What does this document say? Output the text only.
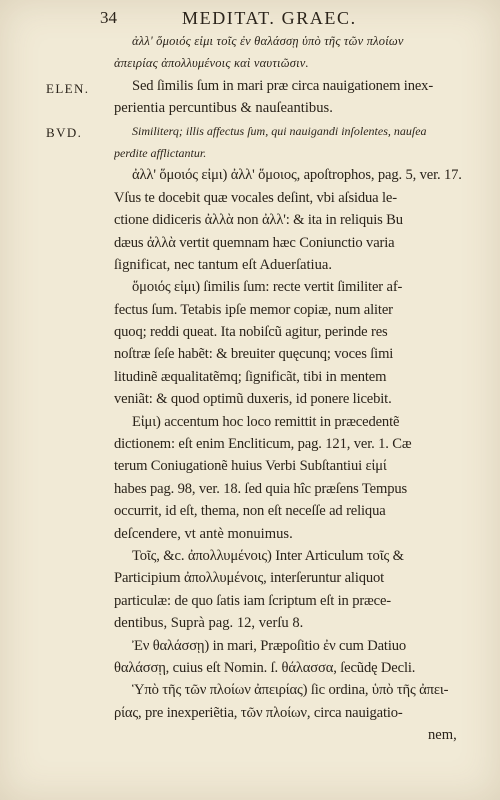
34	MEDITAT. GRAEC.
ELEN.
BVD.
ἀλλ' ὅμοιός εἰμι τοῖς ἐν θαλάσσῃ ὑπὸ τῆς τῶν πλοίων
ἀπειρίας ἀπολλυμένοις καὶ ναυτιῶσιν.
Sed ſimilis ſum in mari præ circa nauigationem inex-
perientia percuntibus & nauſeantibus.
Similiterq; illis affectus ſum, qui nauigandi inſolentes, nauſea
perdite afflictantur.
ἀλλ' ὅμοιός εἰμι) ἀλλ' ὅμοιος, apoſtrophos, pag. 5, ver. 17.
Vſus te docebit quæ vocales deſint, vbi aſsidua le-
ctione didiceris ἀλλὰ non ἀλλ': & ita in reliquis Bu
dæus ἀλλὰ vertit quemnam hæc Coniunctio varia
ſignificat, nec tantum eſt Aduerſatiua.
ὅμοιός εἰμι) ſimilis ſum: recte vertit ſimiliter af-
fectus ſum. Tetabis ipſe memor copiæ, num aliter
quoq; reddi queat. Ita nobiſcũ agitur, perinde res
noſtræ ſeſe habẽt: & breuiter quęcunq; voces ſimi
litudinẽ æqualitatẽmq; ſignificãt, tibi in mentem
veniãt: & quod optimũ duxeris, id ponere licebit.
Εἰμι) accentum hoc loco remittit in præcedentẽ
dictionem: eſt enim Encliticum, pag. 121, ver. 1. Cæ
terum Coniugationẽ huius Verbi Subſtantiui εἰμί
habes pag. 98, ver. 18. ſed quia hîc præſens Tempus
occurrit, id eſt, thema, non eſt neceſſe ad reliqua
deſcendere, vt antè monuimus.
Τοῖς, &c. ἀπολλυμένοις) Inter Articulum τοῖς &
Participium ἀπολλυμένοις, interſeruntur aliquot
particulæ: de quo ſatis iam ſcriptum eſt in præce-
dentibus, Suprà pag. 12, verſu 8.
Ἐν θαλάσσῃ) in mari, Præpoſitio ἐν cum Datiuo
θαλάσσῃ, cuius eſt Nomin. ſ. θάλασσα, ſecũdę Decli.
Ὑπὸ τῆς τῶν πλοίων ἀπειρίας) ſic ordina, ὑπὸ τῆς ἀπει-
ρίας, pre inexperiẽtia, τῶν πλοίων, circa nauigatio-
nem,
